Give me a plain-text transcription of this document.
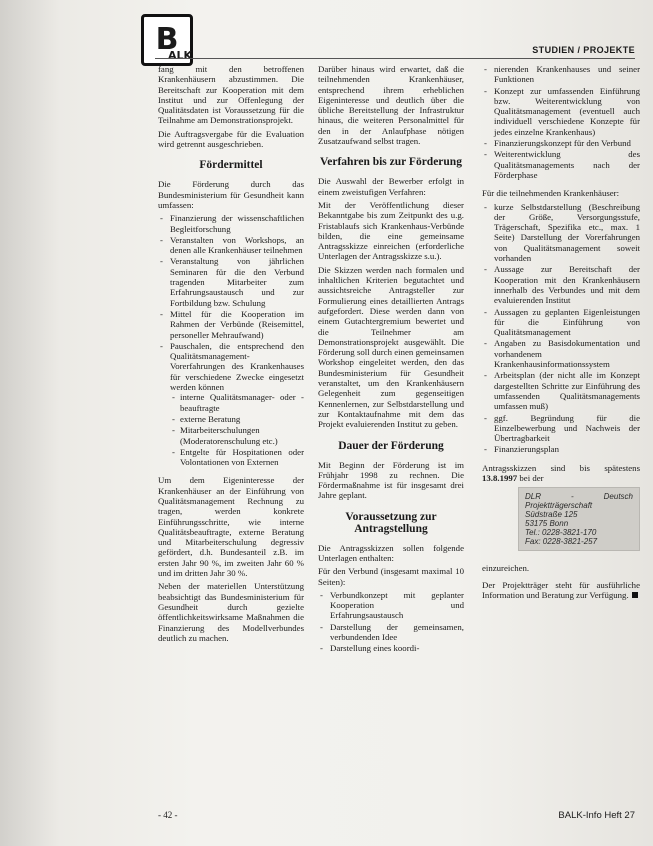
B
ALK	STUDIEN / PROJEKTE

fang mit den betroffenen Krankenhäusern abzustimmen. Die Bereitschaft zur Kooperation mit dem Institut und zur Offenlegung der Qualitätsdaten ist Voraussetzung für die Teilnahme am Demonstrationsprojekt.

Die Auftragsvergabe für die Evaluation wird getrennt ausgeschrieben.

Fördermittel

Die Förderung durch das Bundesministerium für Gesundheit kann umfassen:

- Finanzierung der wissenschaftlichen Begleitforschung
- Veranstalten von Workshops, an denen alle Krankenhäuser teilnehmen
- Veranstaltung von jährlichen Seminaren für die den Verbund tragenden Mitarbeiter zum Erfahrungsaustausch und zur Fortbildung bzw. Schulung
- Mittel für die Kooperation im Rahmen der Verbünde (Reisemittel, personeller Mehraufwand)
- Pauschalen, die entsprechend den Qualitätsmanagement-Vorerfahrungen des Krankenhauses für verschiedene Zwecke eingesetzt werden können
- interne Qualitätsmanager- oder -beauftragte
- externe Beratung
- Mitarbeiterschulungen (Moderatorenschulung etc.)
- Entgelte für Hospitationen oder Volontationen von Externen

Um dem Eigeninteresse der Krankenhäuser an der Einführung von Qualitätsmanagement Rechnung zu tragen, werden konkrete Einführungsschritte, wie interne Qualitätsbeauftragte, externe Beratung und Mitarbeiterschulung degressiv gefördert, d.h. Bundesanteil z.B. im ersten Jahr 90 %, im zweiten Jahr 60 % und im dritten Jahr 30 %.

Neben der materiellen Unterstützung beabsichtigt das Bundesministerium für Gesundheit durch gezielte öffentlichkeitswirksame Maßnahmen die Finanzierung des Modellverbundes deutlich zu machen.

Darüber hinaus wird erwartet, daß die teilnehmenden Krankenhäuser, entsprechend ihrem erheblichen Eigeninteresse und deutlich über die übliche Bereitstellung der Infrastruktur hinaus, die weiteren Personalmittel für den in der Anlaufphase nötigen Zusatzaufwand selbst tragen.

Verfahren bis zur Förderung

Die Auswahl der Bewerber erfolgt in einem zweistufigen Verfahren:

Mit der Veröffentlichung dieser Bekanntgabe bis zum Zeitpunkt des u.g. Fristablaufs sich Krankenhaus-Verbünde bilden, die eine gemeinsame Antragsskizze einreichen (erforderliche Unterlagen der Antragsskizze s.u.).

Die Skizzen werden nach formalen und inhaltlichen Kriterien begutachtet und aussichtsreiche Antragsteller zur Formulierung eines detaillierten Antrags aufgefordert. Diese werden dann von einem Gutachtergremium bewertet und die Teilnehmer am Demonstrationsprojekt ausgewählt. Die Förderung soll durch einen gemeinsamen Workshop eingeleitet werden, den das Bundesministerium für Gesundheit veranstaltet, um den Krankenhäusern Gelegenheit zum gegenseitigen Kennenlernen, zur Selbstdarstellung und zur Kontaktaufnahme mit dem das Projekt evaluierenden Institut zu geben.

Dauer der Förderung

Mit Beginn der Förderung ist im Frühjahr 1998 zu rechnen. Die Fördermaßnahme ist für insgesamt drei Jahre geplant.

Voraussetzung zur Antragstellung

Die Antragsskizzen sollen folgende Unterlagen enthalten:

Für den Verbund (insgesamt maximal 10 Seiten):

- Verbundkonzept mit geplanter Kooperation und Erfahrungsaustausch
- Darstellung der gemeinsamen, verbundenden Idee
- Darstellung eines koordi-
- nierenden Krankenhauses und seiner Funktionen
- Konzept zur umfassenden Einführung bzw. Weiterentwicklung von Qualitätsmanagement (eventuell auch individuell verschiedene Konzepte für jedes einzelne Krankenhaus)
- Finanzierungskonzept für den Verbund
- Weiterentwicklung des Qualitätsmanagements nach der Förderphase

Für die teilnehmenden Krankenhäuser:

- kurze Selbstdarstellung (Beschreibung der Größe, Versorgungsstufe, Trägerschaft, Spezifika etc., max. 1 Seite) Darstellung der Vorerfahrungen von Qualitätsmanagement soweit vorhanden
- Aussage zur Bereitschaft der Kooperation mit den Krankenhäusern innerhalb des Verbundes und mit dem evaluierenden Institut
- Aussagen zu geplanten Eigenleistungen für die Einführung von Qualitätsmanagement
- Angaben zu Basisdokumentation und vorhandenem Krankenhausinformationssystem
- Arbeitsplan (der nicht alle im Konzept dargestellten Schritte zur Einführung des umfassenden Qualitätsmanagements umfassen muß)
- ggf. Begründung für die Einzelbewerbung und Nachweis der Übertragbarkeit
- Finanzierungsplan

Antragsskizzen sind bis spätestens 13.8.1997 bei der

DLR - Deutsch Projektträgerschaft
Südstraße 125
53175 Bonn
Tel.: 0228-3821-170
Fax: 0228-3821-257

einzureichen.

Der Projektträger steht für ausführliche Information und Beratung zur Verfügung.

- 42 -	BALK-Info Heft 27
